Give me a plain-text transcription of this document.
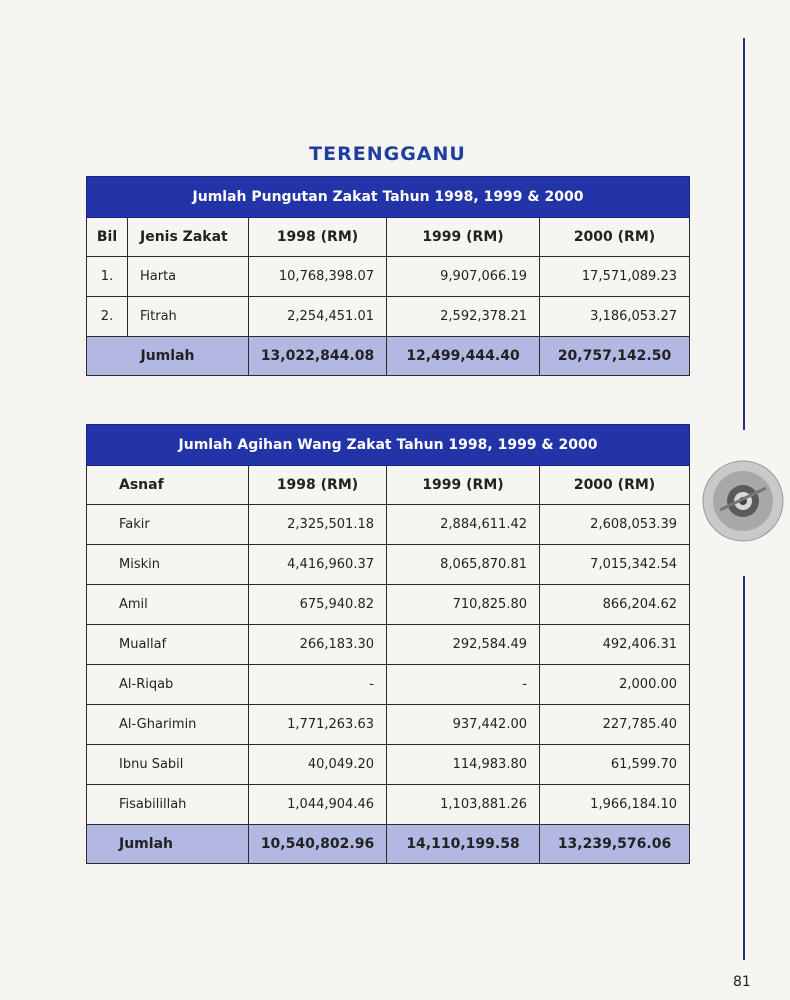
TERENGGANU
Jumlah Pungutan Zakat Tahun 1998, 1999 & 2000				
Bil	Jenis Zakat	1998 (RM)	1999 (RM)	2000 (RM)
1.	Harta	10,768,398.07	9,907,066.19	17,571,089.23
2.	Fitrah	2,254,451.01	2,592,378.21	3,186,053.27
Jumlah		13,022,844.08	12,499,444.40	20,757,142.50
Jumlah Agihan Wang Zakat Tahun 1998, 1999 & 2000			
Asnaf	1998 (RM)	1999 (RM)	2000 (RM)
Fakir	2,325,501.18	2,884,611.42	2,608,053.39
Miskin	4,416,960.37	8,065,870.81	7,015,342.54
Amil	675,940.82	710,825.80	866,204.62
Muallaf	266,183.30	292,584.49	492,406.31
Al-Riqab	-	-	2,000.00
Al-Gharimin	1,771,263.63	937,442.00	227,785.40
Ibnu Sabil	40,049.20	114,983.80	61,599.70
Fisabilillah	1,044,904.46	1,103,881.26	1,966,184.10
Jumlah	10,540,802.96	14,110,199.58	13,239,576.06
81
